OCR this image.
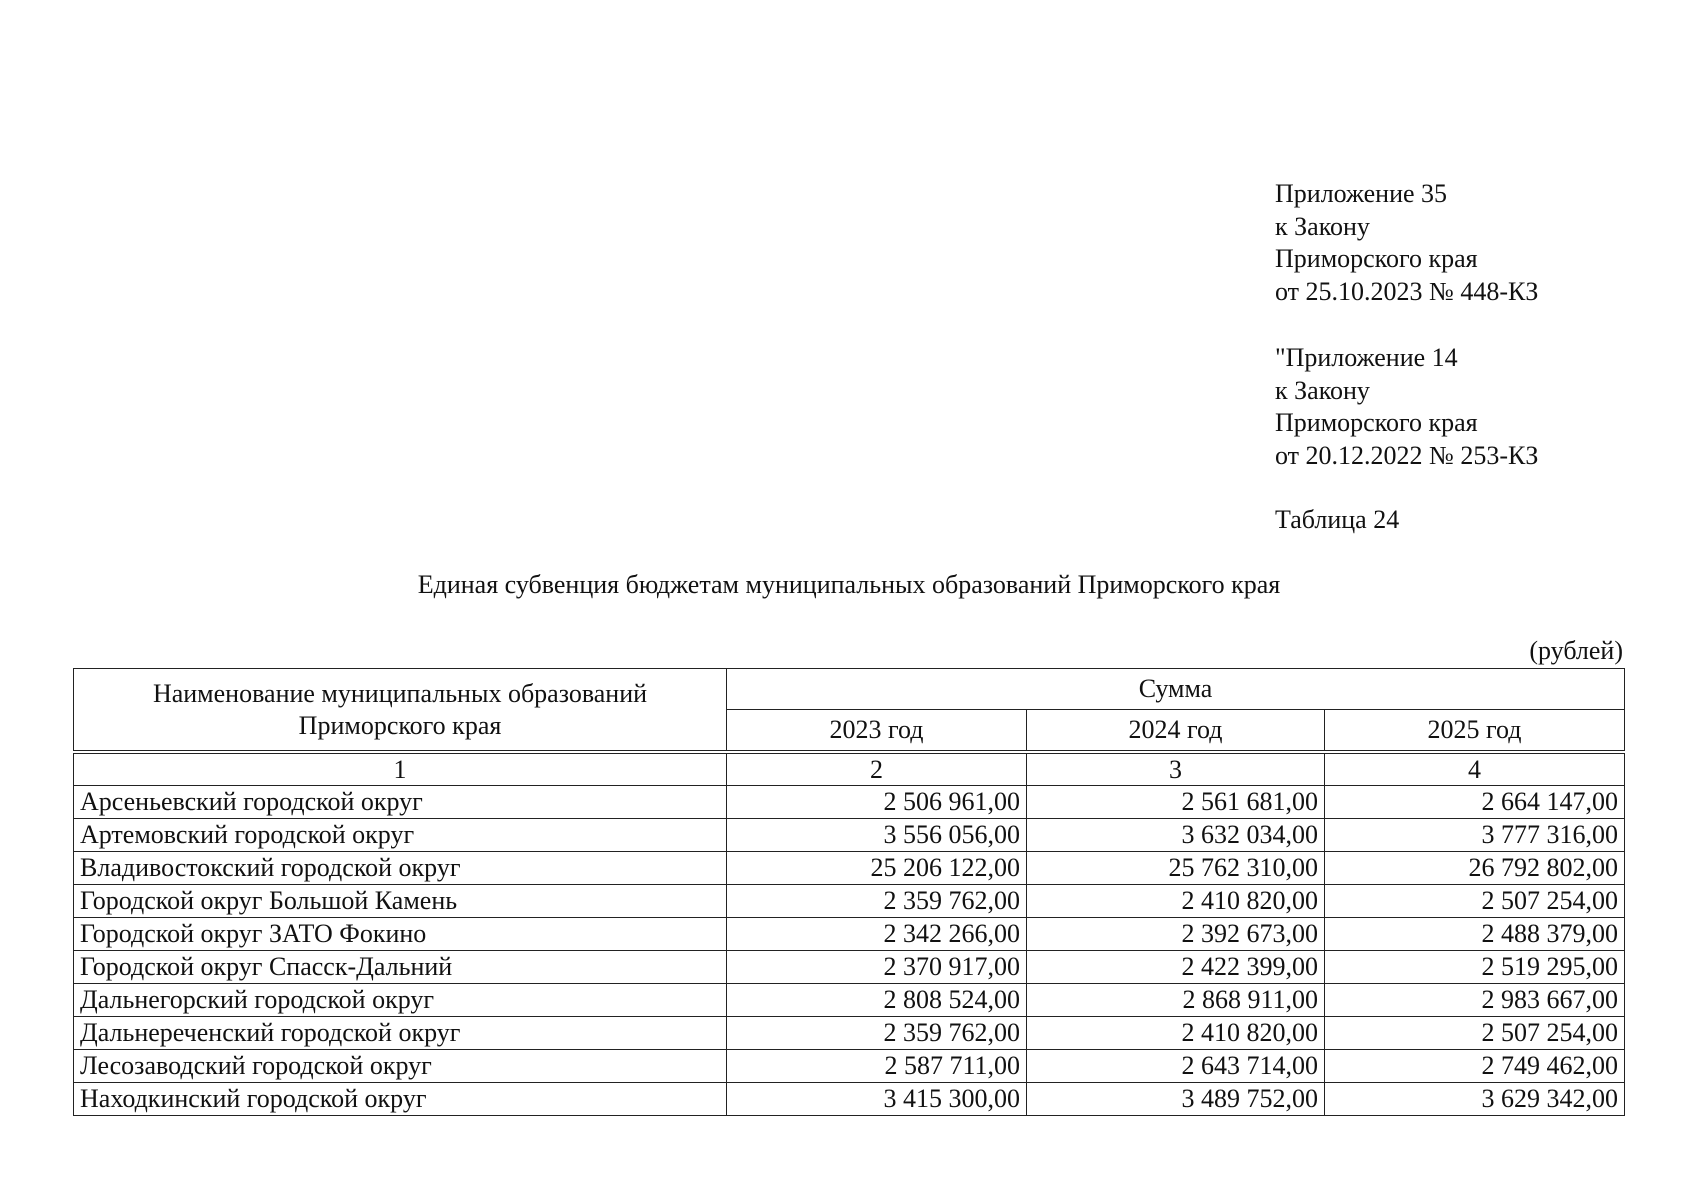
Приложение 35
к Закону
Приморского края
от 25.10.2023 № 448-КЗ
"Приложение 14
к Закону
Приморского края
от 20.12.2022 № 253-КЗ
Таблица 24
Единая субвенция бюджетам муниципальных образований Приморского края
(рублей)
Наименование муниципальных образований
Приморского края	Сумма		
	2023 год	2024 год	2025 год

1	2	3	4
Арсеньевский городской округ	2 506 961,00	2 561 681,00	2 664 147,00
Артемовский городской округ	3 556 056,00	3 632 034,00	3 777 316,00
Владивостокский городской округ	25 206 122,00	25 762 310,00	26 792 802,00
Городской округ Большой Камень	2 359 762,00	2 410 820,00	2 507 254,00
Городской округ ЗАТО Фокино	2 342 266,00	2 392 673,00	2 488 379,00
Городской округ Спасск-Дальний	2 370 917,00	2 422 399,00	2 519 295,00
Дальнегорский городской округ	2 808 524,00	2 868 911,00	2 983 667,00
Дальнереченский городской округ	2 359 762,00	2 410 820,00	2 507 254,00
Лесозаводский городской округ	2 587 711,00	2 643 714,00	2 749 462,00
Находкинский городской округ	3 415 300,00	3 489 752,00	3 629 342,00
